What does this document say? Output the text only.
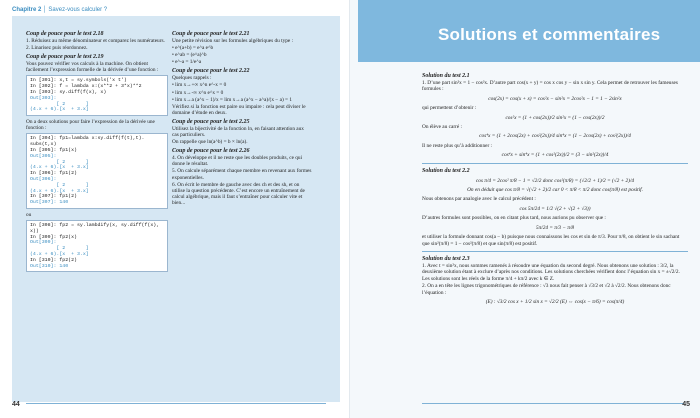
Chapitre 2 │ Savez-vous calculer ?
Coup de pouce pour le test 2.18
1. Réduisez au même dénominateur et comparez les numérateurs.
2. Linarisez puis réordonnez.
Coup de pouce pour le test 2.19
Vous pouvez vérifier vos calculs à la machine. On obtient facilement l’expression formelle de la dérivée d’une fonction :
In [301]: x,t = sy.symbols('x t')
In [302]: f = lambda x:(x**2 + 3*x)**2
In [303]: sy.diff(f(x), x)
Out[303]:
[ 2       ]
(4.x + 6).[x  + 3.x]
On a deux solutions pour faire l’expression de la dérivée une fonction :
In [304]: fp1=lambda x:sy.diff(f(t),t).
subs(t,x)
In [305]: fp1(x)
Out[305]:
[ 2       ]
(4.x + 6).[x  + 3.x]
In [306]: fp1(2)
Out[306]:
[ 2       ]
(4.x + 6).[x  + 3.x]
In [307]: fp1(2)
Out[307]: 140
ou
In [308]: fp2 = sy.lambdify(x, sy.diff(f(x),
x))
In [309]: fp2(x)
Out[309]:
[ 2       ]
(4.x + 6).[x  + 3.x]
In [310]: fp2(2)
Out[310]: 140
Coup de pouce pour le test 2.21
Une petite révision sur les formules algébriques du type :
• e^(a+b) = e^a e^b
• e^ab = (e^a)^b
• e^-a = 1/e^a
Coup de pouce pour le test 2.22
Quelques rappels :
• lim x→+∞ x^n e^-x = 0
• lim x→-∞ x^n e^x = 0
• lim x→a (a^x − 1)/x = lim x→a (a^x − a^a)/(x − a) = 1
Vérifiez si la fonction est paire ou impaire : cela peut diviser le domaine d’étude en deux.
Coup de pouce pour le test 2.25
Utilisez la bijectivité de la fonction ln, en faisant attention aux cas particuliers.
On rappelle que ln(a^b) = b × ln(a).
Coup de pouce pour le test 2.26
4. On développe et il ne reste que les doubles produits, ce qui donne le résultat.
5. On calcule séparément chaque membre en revenant aux formes exponentielles.
6. On écrit le membre de gauche avec des ch et des sh, et on utilise la question précédente. C’est encore un entraînement de calcul algébrique, mais il faut s’entraîner pour calculer vite et bien...
44
Solutions et commentaires
Solution du test 2.1
1. D’une part sin²x = 1 − cos²x. D’autre part cos(x + y) = cos x cos y − sin x sin y. Cela permet de retrouver les fameuses formules :
cos(2x) = cos(x + x) = cos²x − sin²x = 2cos²x − 1 = 1 − 2sin²x
qui permettent d’obtenir :
cos²x = (1 + cos(2x))/2 sin²x = (1 − cos(2x))/2
On élève au carré :
cos⁴x = (1 + 2cos(2x) + cos²(2x))/4 sin⁴x = (1 − 2cos(2x) + cos²(2x))/4
Il ne reste plus qu’à additionner :
cos⁴x + sin⁴x = (1 + cos²(2x))/2 = (3 − sin²(2x))/4
Solution du test 2.2
cos π/4 = 2cos² π/8 − 1 = √2/2 donc cos²(π/8) = (√2/2 + 1)/2 = (√2 + 2)/4
On en déduit que cos π/8 = √(√2 + 2)/2 car 0 < π/8 < π/2 donc cos(π/8) est positif.
Nous obtenons par analogie avec le calcul précédent :
cos 5π/24 = 1/2 √(2 + √(2 + √3))
D’autres formules sont possibles, on en citant plus tard, nous aurions pu observer que :
5π/24 = π/3 − π/8
et utiliser la formule donnant cos(a − b) puisque nous connaissons les cos et sin de π/3. Pour π/8, on obtient le sin sachant que sin²(π/8) = 1 − cos²(π/8) et que sin(π/8) est positif.
Solution du test 2.3
1. Avec t = sin²x, nous sommes ramenés à résoudre une équation du second degré. Nous obtenons une solution : 3/2, la deuxième solution étant à exclure d’après nos conditions. Les solutions cherchées vérifient donc l’équation sin x = ±√2/2. Les solutions sont les réels de la forme π/4 + kπ/2 avec k ∈ Z.
2. On a en tête les lignes trigonométriques de référence : √3 nous fait penser à √3/2 et √2 à √2/2. Nous obtenons donc l’équation :
(E) : √3/2 cos x + 1/2 sin x = √2/2 (E) ⇔ cos(x − π/6) = cos(π/4)
45
